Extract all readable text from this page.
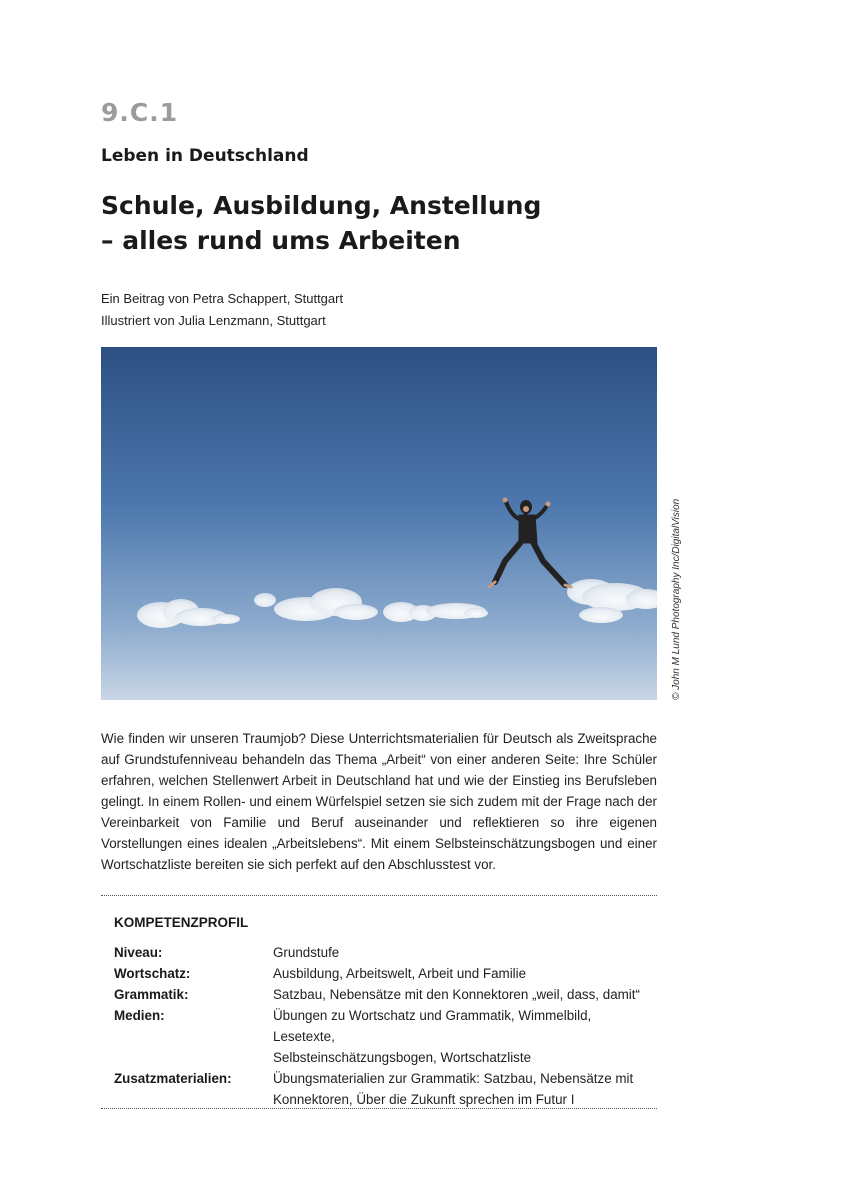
9.C.1
Leben in Deutschland
Schule, Ausbildung, Anstellung
– alles rund ums Arbeiten
Ein Beitrag von Petra Schappert, Stuttgart
Illustriert von Julia Lenzmann, Stuttgart
© John M Lund Photography Inc/DigitalVision

Wie finden wir unseren Traumjob? Diese Unterrichtsmaterialien für Deutsch als Zweitsprache auf Grundstufenniveau behandeln das Thema „Arbeit“ von einer anderen Seite: Ihre Schüler erfahren, welchen Stellenwert Arbeit in Deutschland hat und wie der Einstieg ins Berufsleben gelingt. In einem Rollen- und einem Würfelspiel setzen sie sich zudem mit der Frage nach der Vereinbarkeit von Familie und Beruf auseinander und reflektieren so ihre eigenen Vorstellungen eines idealen „Arbeitslebens“. Mit einem Selbsteinschätzungsbogen und einer Wortschatzliste bereiten sie sich perfekt auf den Abschlusstest vor.

KOMPETENZPROFIL
Niveau:	Grundstufe
Wortschatz:	Ausbildung, Arbeitswelt, Arbeit und Familie
Grammatik:	Satzbau, Nebensätze mit den Konnektoren „weil, dass, damit“
Medien:	Übungen zu Wortschatz und Grammatik, Wimmelbild, Lesetexte,
Selbsteinschätzungsbogen, Wortschatzliste
Zusatzmaterialien:	Übungsmaterialien zur Grammatik: Satzbau, Nebensätze mit
Konnektoren, Über die Zukunft sprechen im Futur I
